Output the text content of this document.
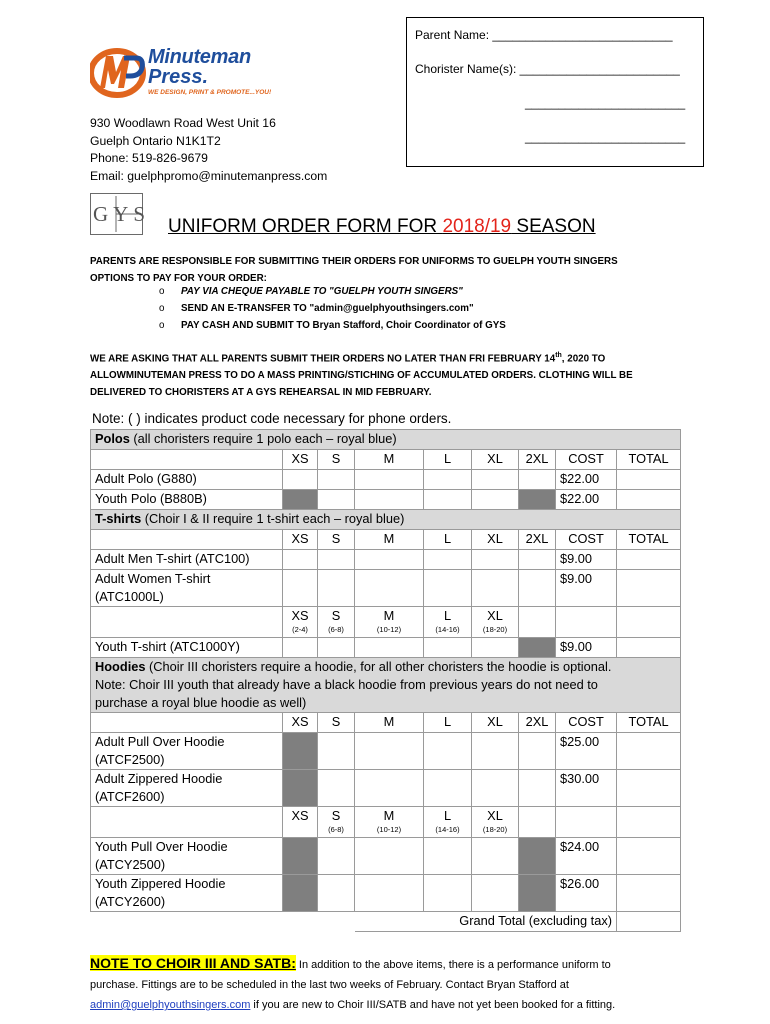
Minuteman
Press.
WE DESIGN, PRINT & PROMOTE...YOU!
930 Woodlawn Road West Unit 16
Guelph Ontario N1K1T2
Phone: 519-826-9679
Email: guelphpromo@minutemanpress.com
Parent Name: ___________________________
Chorister Name(s): ________________________
________________________
________________________
GYS
UNIFORM ORDER FORM FOR 2018/19 SEASON
PARENTS ARE RESPONSIBLE FOR SUBMITTING THEIR ORDERS FOR UNIFORMS TO GUELPH YOUTH SINGERS
OPTIONS TO PAY FOR YOUR ORDER:
o PAY VIA CHEQUE PAYABLE TO "GUELPH YOUTH SINGERS"
o SEND AN E-TRANSFER TO "admin@guelphyouthsingers.com"
o PAY CASH AND SUBMIT TO Bryan Stafford, Choir Coordinator of GYS
WE ARE ASKING THAT ALL PARENTS SUBMIT THEIR ORDERS NO LATER THAN FRI FEBRUARY 14th, 2020 TO
ALLOWMINUTEMAN PRESS TO DO A MASS PRINTING/STICHING OF ACCUMULATED ORDERS. CLOTHING WILL BE
DELIVERED TO CHORISTERS AT A GYS REHEARSAL IN MID FEBRUARY.
Note: ( ) indicates product code necessary for phone orders.
Polos (all choristers require 1 polo each – royal blue)								
	XS	S	M	L	XL	2XL	COST	TOTAL
Adult Polo (G880)							$22.00	
Youth Polo (B880B)							$22.00	
T-shirts (Choir I & II require 1 t-shirt each – royal blue)								
	XS	S	M	L	XL	2XL	COST	TOTAL
Adult Men T-shirt (ATC100)							$9.00	

Adult Women T-shirt
(ATC1000L)							$9.00	
	XS
(2-4)	S
(6-8)	M
(10-12)	L
(14-16)	XL
(18-20)			

Youth T-shirt (ATC1000Y)							$9.00	
Hoodies (Choir III choristers require a hoodie, for all other choristers the hoodie is optional.
Note: Choir III youth that already have a black hoodie from previous years do not need to
purchase a royal blue hoodie as well)								
	XS	S	M	L	XL	2XL	COST	TOTAL

Adult Pull Over Hoodie
(ATCF2500)							$25.00	

Adult Zippered Hoodie
(ATCF2600)							$30.00	
	XS	S
(6-8)	M
(10-12)	L
(14-16)	XL
(18-20)			

Youth Pull Over Hoodie
(ATCY2500)							$24.00	

Youth Zippered Hoodie
(ATCY2600)							$26.00	
			Grand Total (excluding tax)					
NOTE TO CHOIR III AND SATB: In addition to the above items, there is a performance uniform to
purchase. Fittings are to be scheduled in the last two weeks of February. Contact Bryan Stafford at
admin@guelphyouthsingers.com if you are new to Choir III/SATB and have not yet been booked for a fitting.
